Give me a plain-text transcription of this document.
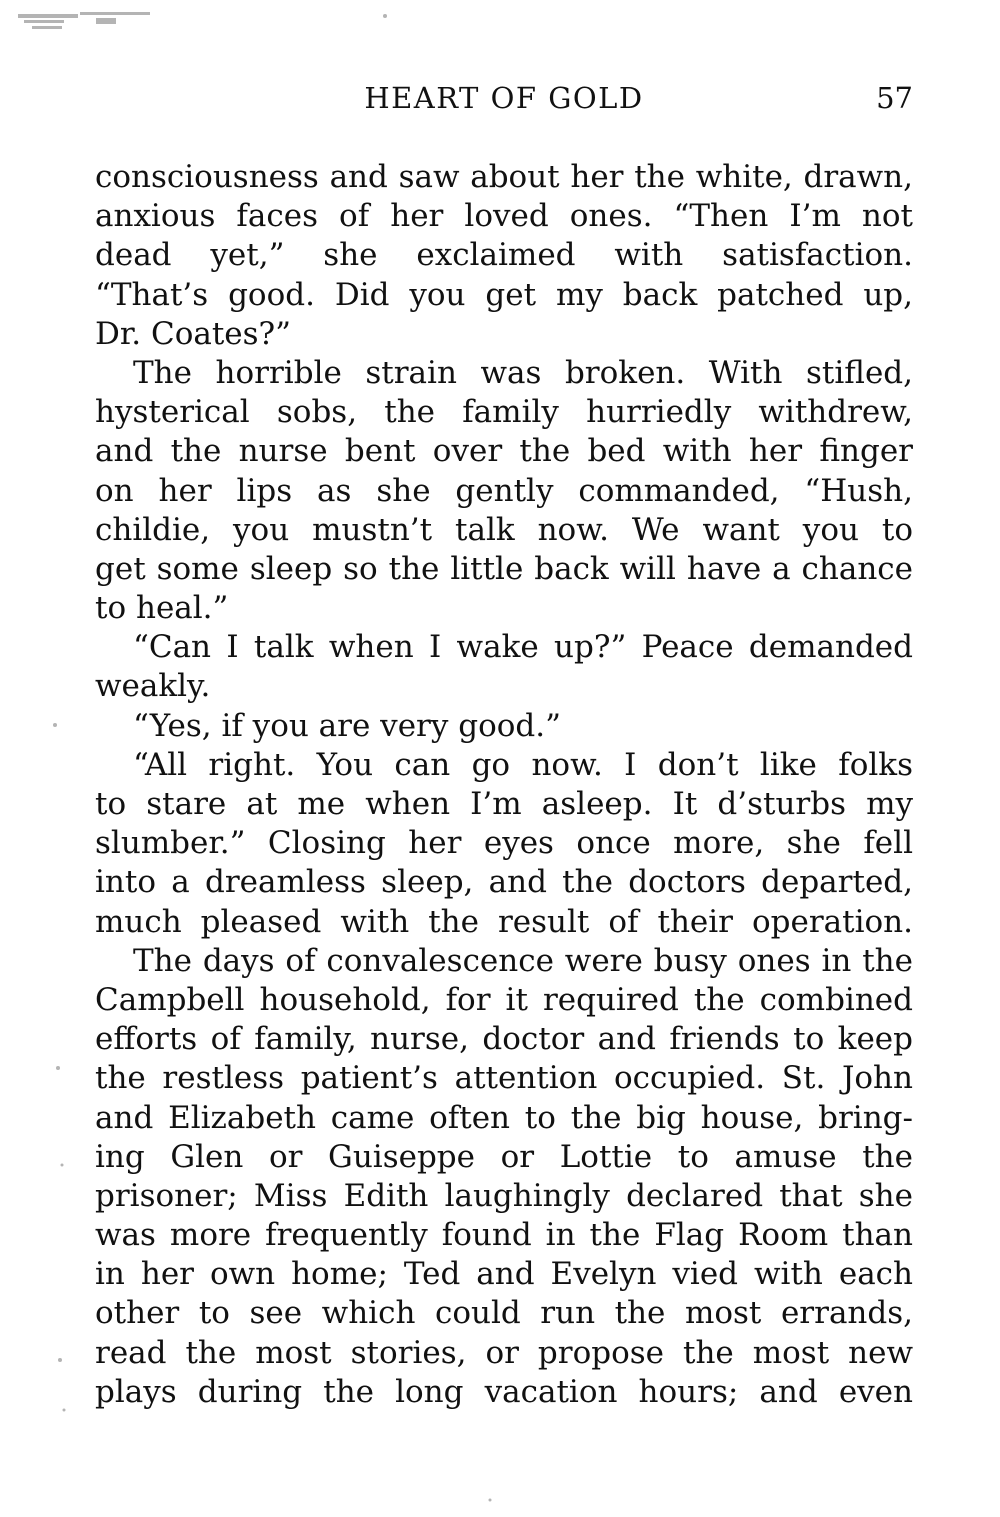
HEART OF GOLD	57
consciousness and saw about her the white, drawn,
anxious faces of her loved ones. “Then I’m not
dead yet,” she exclaimed with satisfaction.
“That’s good. Did you get my back patched up,
Dr. Coates?”
The horrible strain was broken. With stifled,
hysterical sobs, the family hurriedly withdrew,
and the nurse bent over the bed with her finger
on her lips as she gently commanded, “Hush,
childie, you mustn’t talk now. We want you to
get some sleep so the little back will have a chance
to heal.”
“Can I talk when I wake up?” Peace demanded
weakly.
“Yes, if you are very good.”
“All right. You can go now. I don’t like folks
to stare at me when I’m asleep. It d’sturbs my
slumber.” Closing her eyes once more, she fell
into a dreamless sleep, and the doctors departed,
much pleased with the result of their operation.
The days of convalescence were busy ones in the
Campbell household, for it required the combined
efforts of family, nurse, doctor and friends to keep
the restless patient’s attention occupied. St. John
and Elizabeth came often to the big house, bring-
ing Glen or Guiseppe or Lottie to amuse the
prisoner; Miss Edith laughingly declared that she
was more frequently found in the Flag Room than
in her own home; Ted and Evelyn vied with each
other to see which could run the most errands,
read the most stories, or propose the most new
plays during the long vacation hours; and even
